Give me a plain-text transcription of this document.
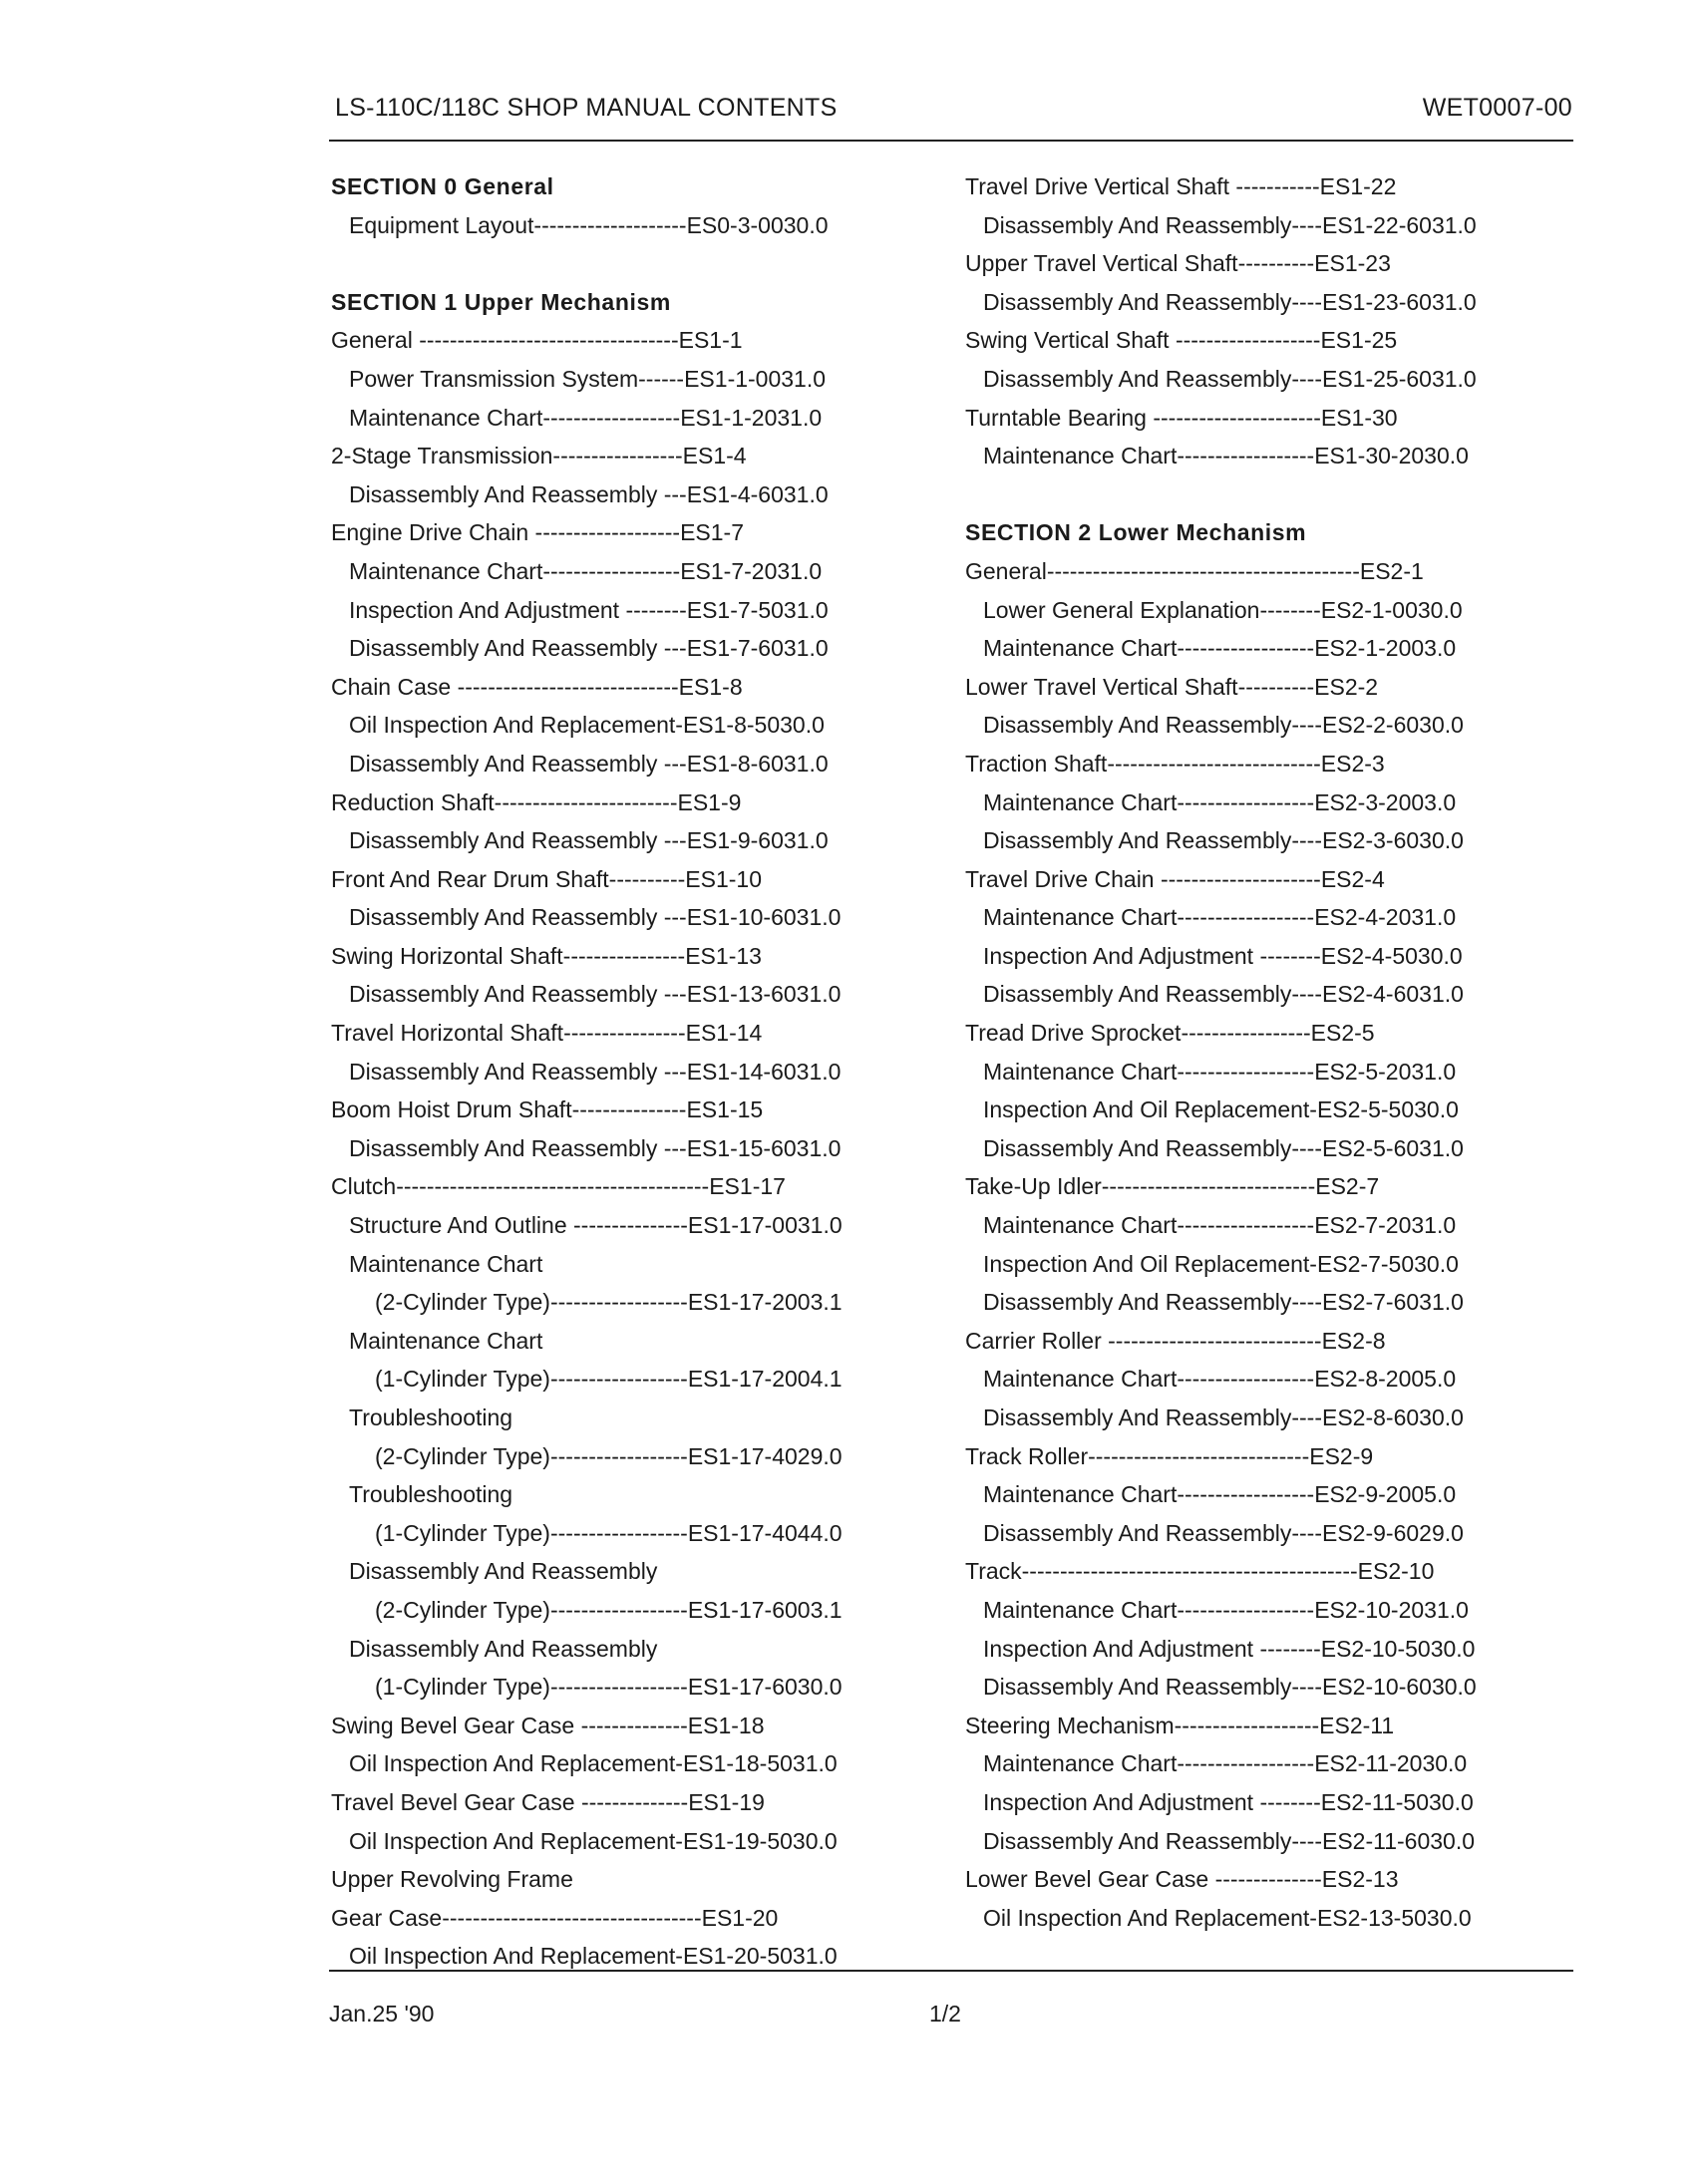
LS-110C/118C SHOP MANUAL CONTENTS	WET0007-00
SECTION 0 General
Equipment Layout--------------------ES0-3-0030.0
SECTION 1 Upper Mechanism
General ----------------------------------ES1-1
Power Transmission System------ES1-1-0031.0
Maintenance Chart------------------ES1-1-2031.0
2-Stage Transmission-----------------ES1-4
Disassembly And Reassembly ---ES1-4-6031.0
Engine Drive Chain -------------------ES1-7
Maintenance Chart------------------ES1-7-2031.0
Inspection And Adjustment --------ES1-7-5031.0
Disassembly And Reassembly ---ES1-7-6031.0
Chain Case -----------------------------ES1-8
Oil Inspection And Replacement-ES1-8-5030.0
Disassembly And Reassembly ---ES1-8-6031.0
Reduction Shaft------------------------ES1-9
Disassembly And Reassembly ---ES1-9-6031.0
Front And Rear Drum Shaft----------ES1-10
Disassembly And Reassembly ---ES1-10-6031.0
Swing Horizontal Shaft----------------ES1-13
Disassembly And Reassembly ---ES1-13-6031.0
Travel Horizontal Shaft----------------ES1-14
Disassembly And Reassembly ---ES1-14-6031.0
Boom Hoist Drum Shaft---------------ES1-15
Disassembly And Reassembly ---ES1-15-6031.0
Clutch-----------------------------------------ES1-17
Structure And Outline ---------------ES1-17-0031.0
Maintenance Chart
(2-Cylinder Type)------------------ES1-17-2003.1
Maintenance Chart
(1-Cylinder Type)------------------ES1-17-2004.1
Troubleshooting
(2-Cylinder Type)------------------ES1-17-4029.0
Troubleshooting
(1-Cylinder Type)------------------ES1-17-4044.0
Disassembly And Reassembly
(2-Cylinder Type)------------------ES1-17-6003.1
Disassembly And Reassembly
(1-Cylinder Type)------------------ES1-17-6030.0
Swing Bevel Gear Case --------------ES1-18
Oil Inspection And Replacement-ES1-18-5031.0
Travel Bevel Gear Case --------------ES1-19
Oil Inspection And Replacement-ES1-19-5030.0
Upper Revolving Frame
Gear Case----------------------------------ES1-20
Oil Inspection And Replacement-ES1-20-5031.0
Travel Drive Vertical Shaft -----------ES1-22
Disassembly And Reassembly----ES1-22-6031.0
Upper Travel Vertical Shaft----------ES1-23
Disassembly And Reassembly----ES1-23-6031.0
Swing Vertical Shaft -------------------ES1-25
Disassembly And Reassembly----ES1-25-6031.0
Turntable Bearing ----------------------ES1-30
Maintenance Chart------------------ES1-30-2030.0
SECTION 2 Lower Mechanism
General-----------------------------------------ES2-1
Lower General Explanation--------ES2-1-0030.0
Maintenance Chart------------------ES2-1-2003.0
Lower Travel Vertical Shaft----------ES2-2
Disassembly And Reassembly----ES2-2-6030.0
Traction Shaft----------------------------ES2-3
Maintenance Chart------------------ES2-3-2003.0
Disassembly And Reassembly----ES2-3-6030.0
Travel Drive Chain ---------------------ES2-4
Maintenance Chart------------------ES2-4-2031.0
Inspection And Adjustment --------ES2-4-5030.0
Disassembly And Reassembly----ES2-4-6031.0
Tread Drive Sprocket-----------------ES2-5
Maintenance Chart------------------ES2-5-2031.0
Inspection And Oil Replacement-ES2-5-5030.0
Disassembly And Reassembly----ES2-5-6031.0
Take-Up Idler----------------------------ES2-7
Maintenance Chart------------------ES2-7-2031.0
Inspection And Oil Replacement-ES2-7-5030.0
Disassembly And Reassembly----ES2-7-6031.0
Carrier Roller ----------------------------ES2-8
Maintenance Chart------------------ES2-8-2005.0
Disassembly And Reassembly----ES2-8-6030.0
Track Roller-----------------------------ES2-9
Maintenance Chart------------------ES2-9-2005.0
Disassembly And Reassembly----ES2-9-6029.0
Track--------------------------------------------ES2-10
Maintenance Chart------------------ES2-10-2031.0
Inspection And Adjustment --------ES2-10-5030.0
Disassembly And Reassembly----ES2-10-6030.0
Steering Mechanism-------------------ES2-11
Maintenance Chart------------------ES2-11-2030.0
Inspection And Adjustment --------ES2-11-5030.0
Disassembly And Reassembly----ES2-11-6030.0
Lower Bevel Gear Case --------------ES2-13
Oil Inspection And Replacement-ES2-13-5030.0
Jan.25 '90	1/2
